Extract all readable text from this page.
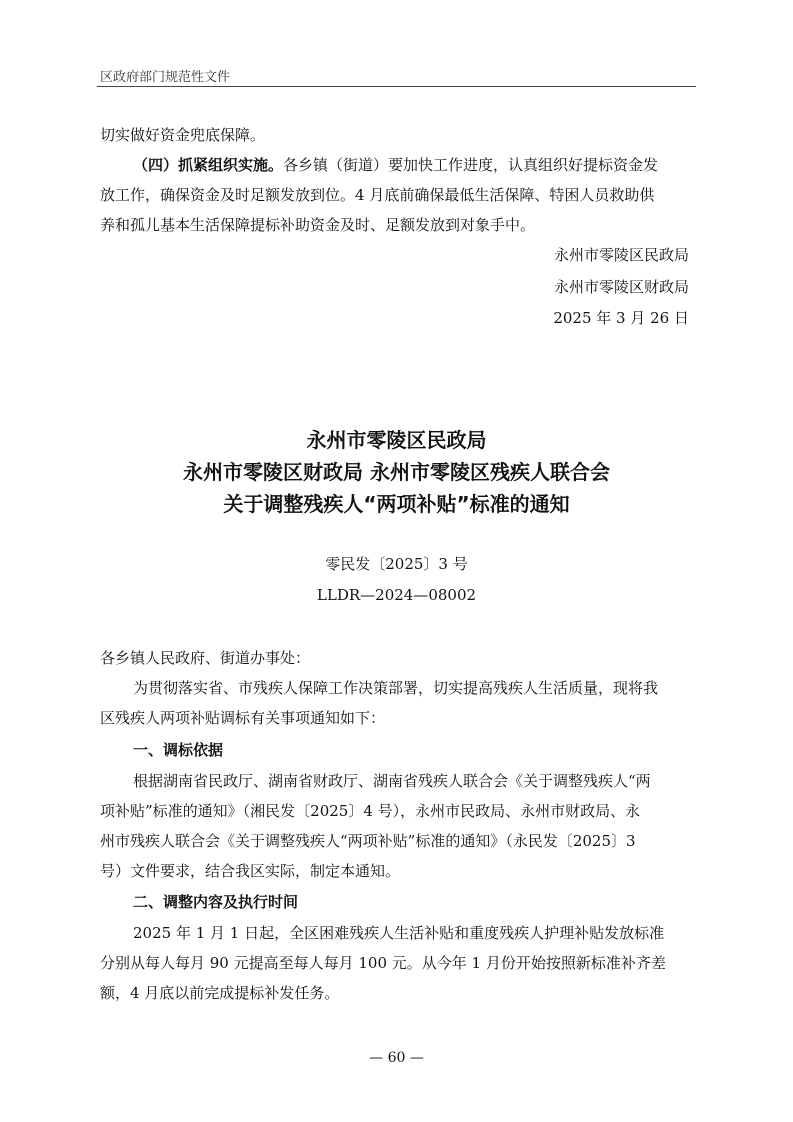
区政府部门规范性文件
切实做好资金兜底保障。
（四）抓紧组织实施。各乡镇（街道）要加快工作进度，认真组织好提标资金发
放工作，确保资金及时足额发放到位。4 月底前确保最低生活保障、特困人员救助供
养和孤儿基本生活保障提标补助资金及时、足额发放到对象手中。
永州市零陵区民政局
永州市零陵区财政局
2025 年 3 月 26 日
永州市零陵区民政局
永州市零陵区财政局 永州市零陵区残疾人联合会
关于调整残疾人“两项补贴”标准的通知
零民发〔2025〕3 号
LLDR—2024—08002
各乡镇人民政府、街道办事处：
为贯彻落实省、市残疾人保障工作决策部署，切实提高残疾人生活质量，现将我
区残疾人两项补贴调标有关事项通知如下：
一、调标依据
根据湖南省民政厅、湖南省财政厅、湖南省残疾人联合会《关于调整残疾人“两
项补贴”标准的通知》（湘民发〔2025〕4 号），永州市民政局、永州市财政局、永
州市残疾人联合会《关于调整残疾人“两项补贴”标准的通知》（永民发〔2025〕3
号）文件要求，结合我区实际，制定本通知。
二、调整内容及执行时间
2025 年 1 月 1 日起，全区困难残疾人生活补贴和重度残疾人护理补贴发放标准
分别从每人每月 90 元提高至每人每月 100 元。从今年 1 月份开始按照新标准补齐差
额，4 月底以前完成提标补发任务。
— 60 —
